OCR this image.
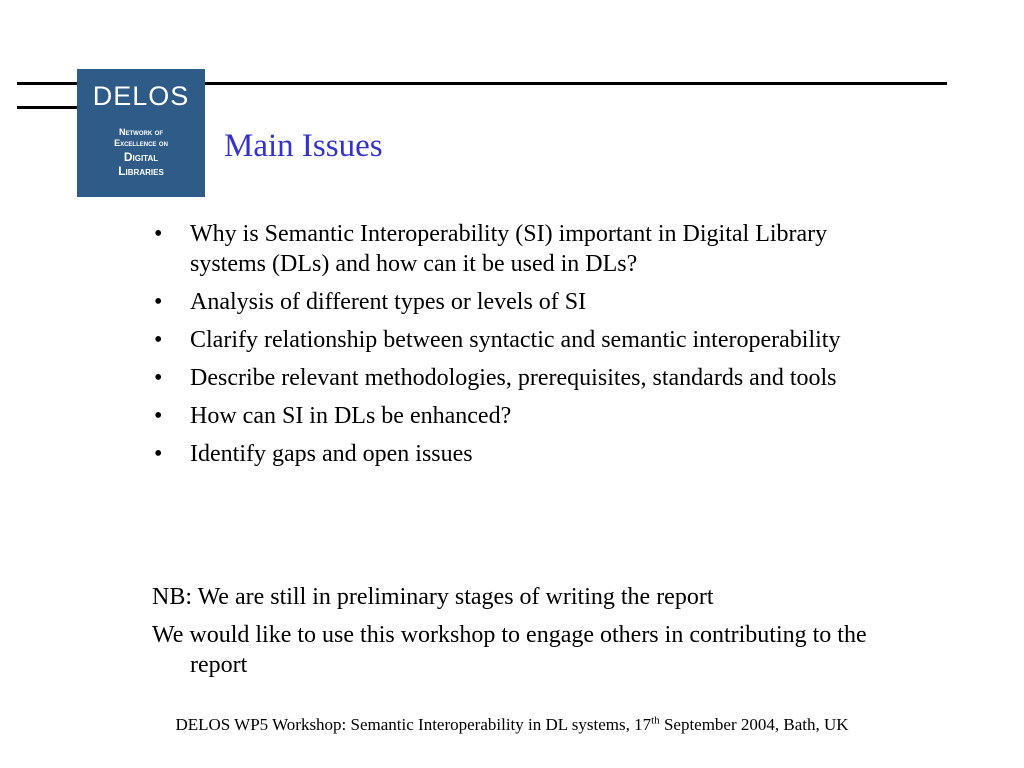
DELOS
Network of
Excellence on
Digital
Libraries
Main Issues
• Why is Semantic Interoperability (SI) important in Digital Library systems (DLs) and how can it be used in DLs?
• Analysis of different types or levels of SI
• Clarify relationship between syntactic and semantic interoperability
• Describe relevant methodologies, prerequisites, standards and tools
• How can SI in DLs be enhanced?
• Identify gaps and open issues
NB: We are still in preliminary stages of writing the report
We would like to use this workshop to engage others in contributing to the report
DELOS WP5 Workshop: Semantic Interoperability in DL systems, 17th September 2004, Bath, UK
